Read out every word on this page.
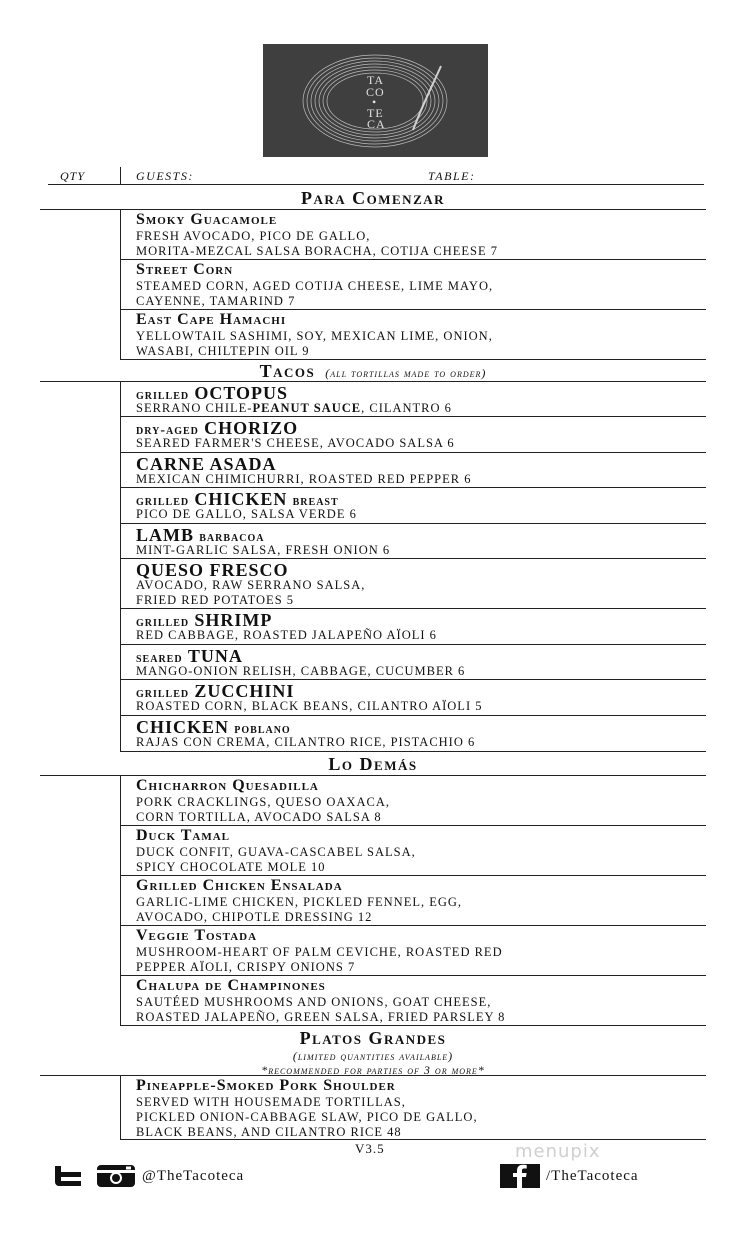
TA
CO
•
TE
CA
QTY	GUESTS:	TABLE:
Para Comenzar
Smoky Guacamole
FRESH AVOCADO, PICO DE GALLO,
MORITA-MEZCAL SALSA BORACHA, COTIJA CHEESE 7
Street Corn
STEAMED CORN, AGED COTIJA CHEESE, LIME MAYO,
CAYENNE, TAMARIND 7
East Cape Hamachi
YELLOWTAIL SASHIMI, SOY, MEXICAN LIME, ONION,
WASABI, CHILTEPIN OIL 9
Tacos (all tortillas made to order)
grilled OCTOPUS
SERRANO CHILE-PEANUT SAUCE, CILANTRO 6
dry-aged CHORIZO
SEARED FARMER'S CHEESE, AVOCADO SALSA 6
CARNE ASADA
MEXICAN CHIMICHURRI, ROASTED RED PEPPER 6
grilled CHICKEN breast
PICO DE GALLO, SALSA VERDE 6
LAMB barbacoa
MINT-GARLIC SALSA, FRESH ONION 6
QUESO FRESCO
AVOCADO, RAW SERRANO SALSA,
FRIED RED POTATOES 5
grilled SHRIMP
RED CABBAGE, ROASTED JALAPEÑO AÏOLI 6
seared TUNA
MANGO-ONION RELISH, CABBAGE, CUCUMBER 6
grilled ZUCCHINI
ROASTED CORN, BLACK BEANS, CILANTRO AÏOLI 5
CHICKEN poblano
RAJAS CON CREMA, CILANTRO RICE, PISTACHIO 6
Lo Demás
Chicharron Quesadilla
PORK CRACKLINGS, QUESO OAXACA,
CORN TORTILLA, AVOCADO SALSA 8
Duck Tamal
DUCK CONFIT, GUAVA-CASCABEL SALSA,
SPICY CHOCOLATE MOLE 10
Grilled Chicken Ensalada
GARLIC-LIME CHICKEN, PICKLED FENNEL, EGG,
AVOCADO, CHIPOTLE DRESSING 12
Veggie Tostada
MUSHROOM-HEART OF PALM CEVICHE, ROASTED RED
PEPPER AÏOLI, CRISPY ONIONS 7
Chalupa de Champinones
SAUTÉED MUSHROOMS AND ONIONS, GOAT CHEESE,
ROASTED JALAPEÑO, GREEN SALSA, FRIED PARSLEY 8
Platos Grandes
(limited quantities available)
*recommended for parties of 3 or more*
Pineapple-Smoked Pork Shoulder
SERVED WITH HOUSEMADE TORTILLAS,
PICKLED ONION-CABBAGE SLAW, PICO DE GALLO,
BLACK BEANS, AND CILANTRO RICE 48
V3.5	menupix
@TheTacoteca	/TheTacoteca
